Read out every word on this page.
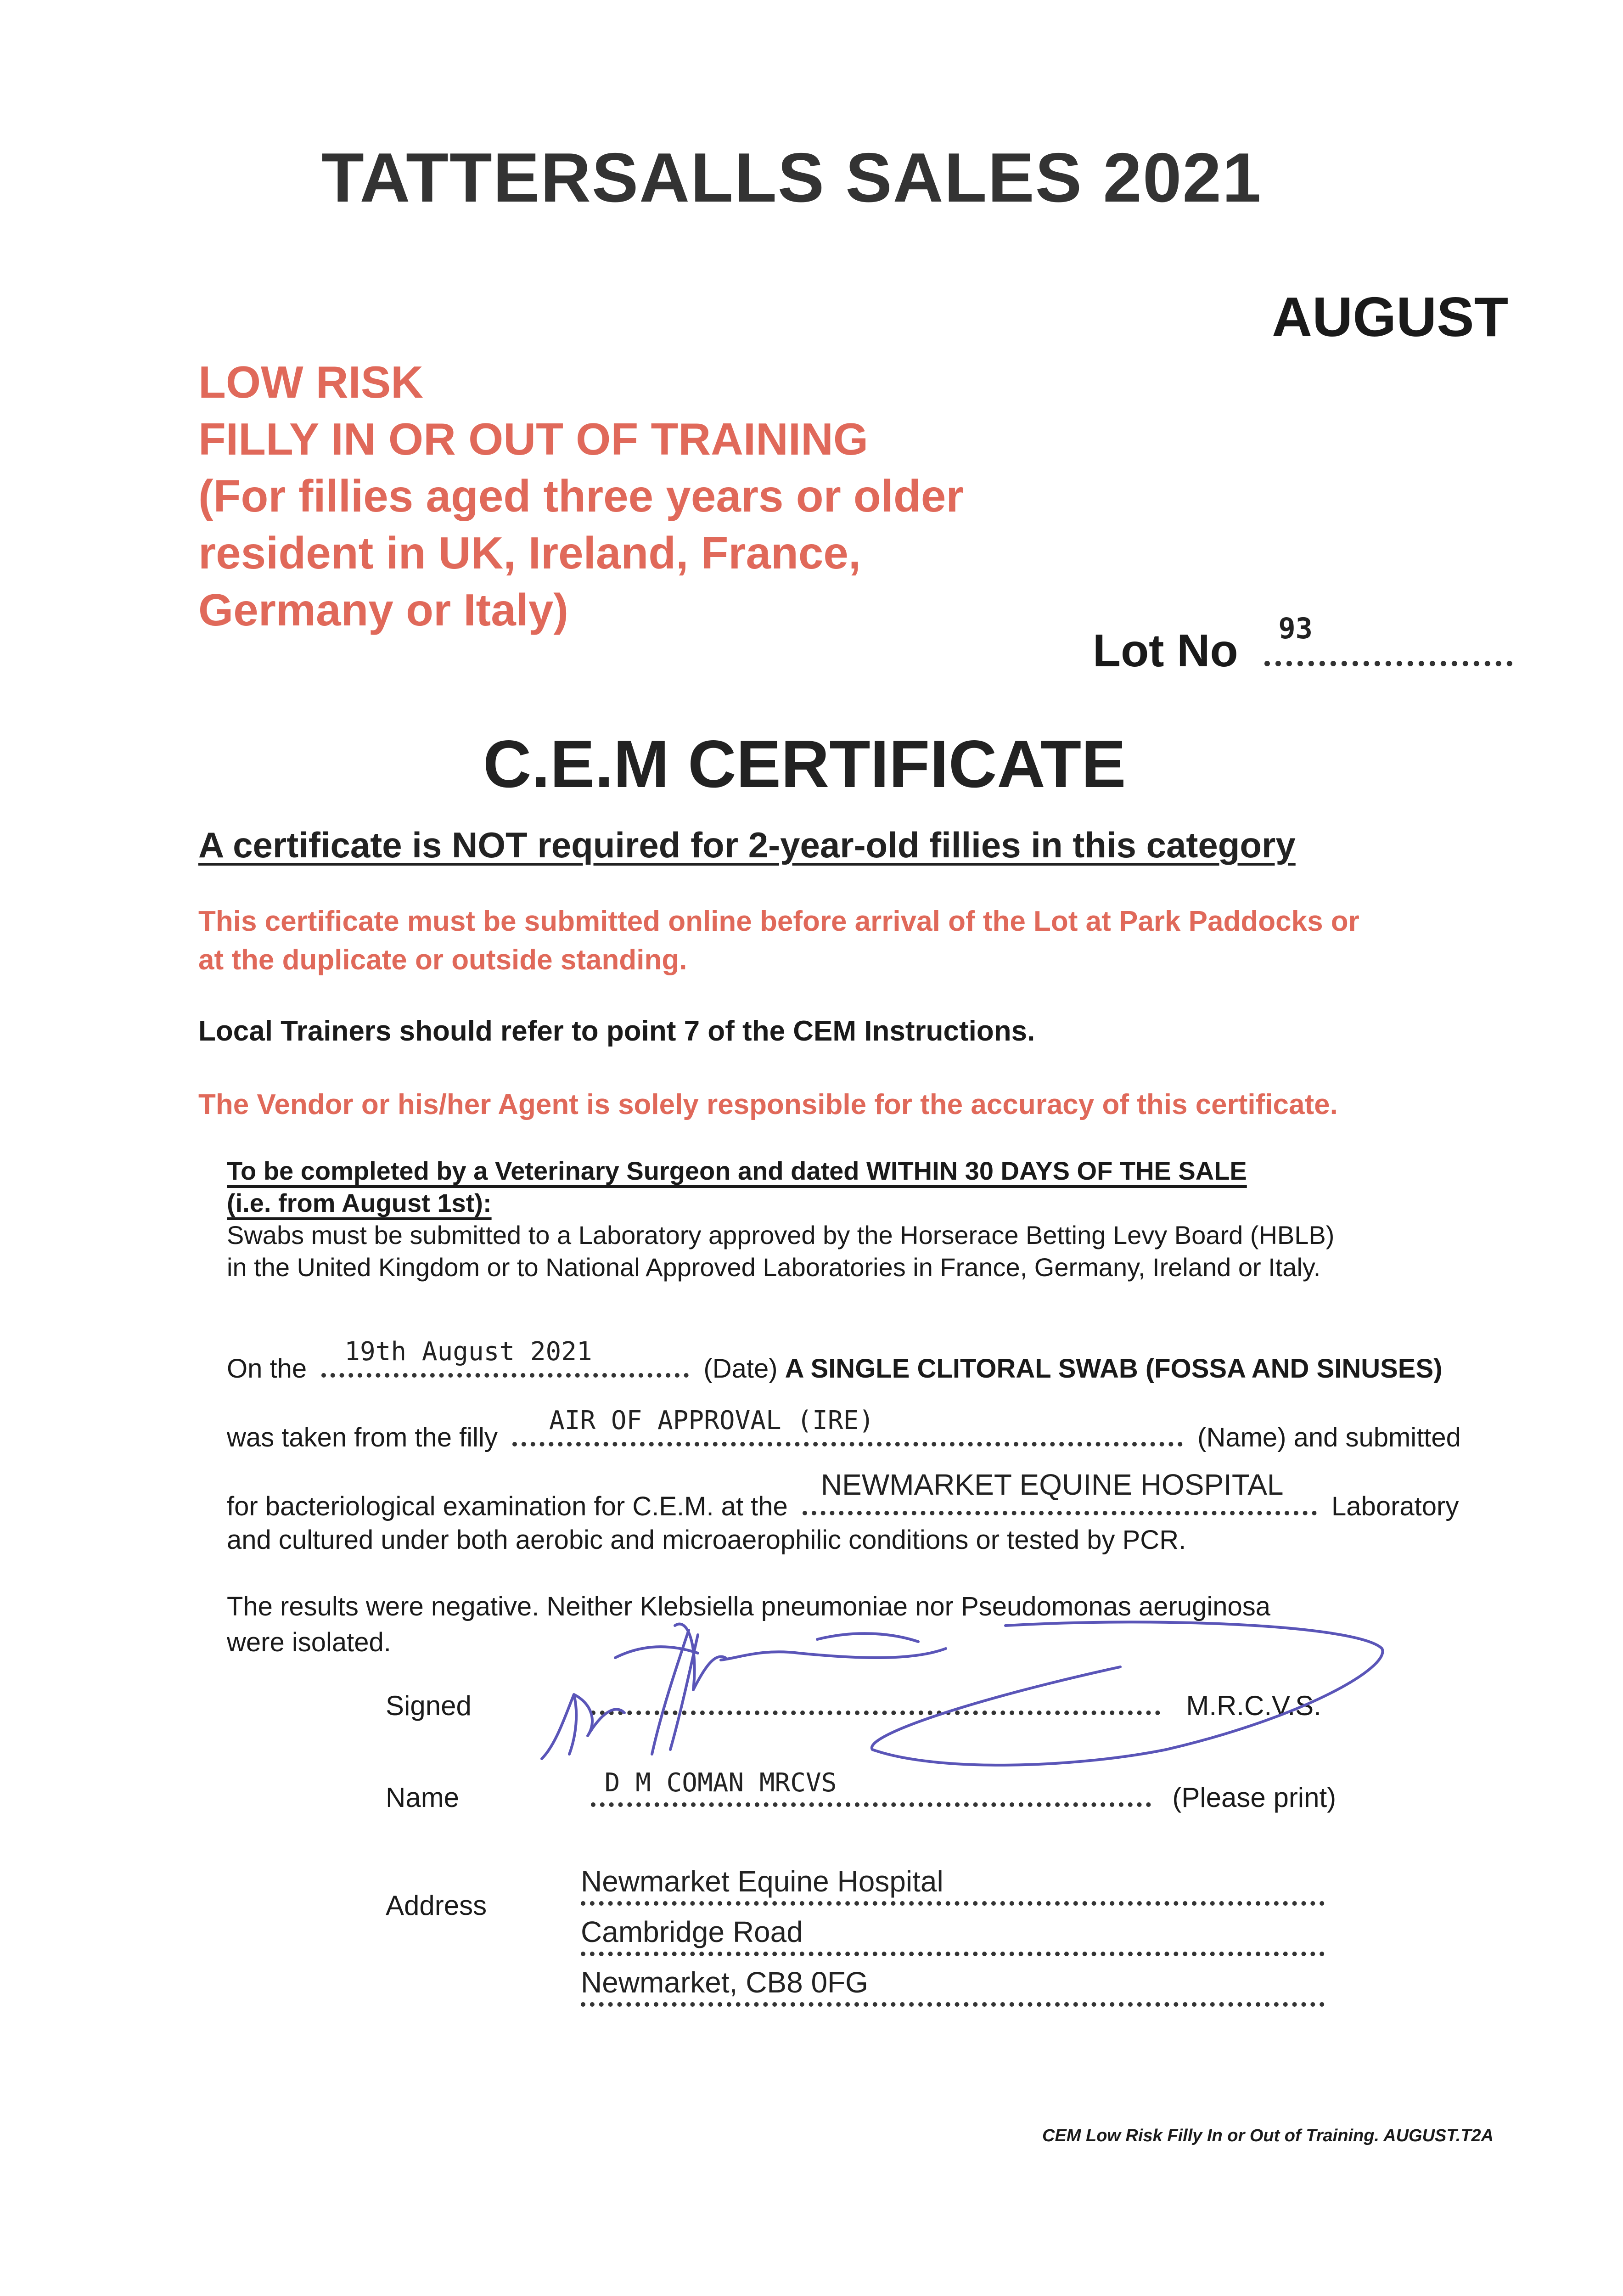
TATTERSALLS SALES 2021
AUGUST
LOW RISK
FILLY IN OR OUT OF TRAINING
(For fillies aged three years or older
resident in UK, Ireland, France,
Germany or Italy)
Lot No 93
C.E.M CERTIFICATE
A certificate is NOT required for 2-year-old fillies in this category
This certificate must be submitted online before arrival of the Lot at Park Paddocks or
at the duplicate or outside standing.
Local Trainers should refer to point 7 of the CEM Instructions.
The Vendor or his/her Agent is solely responsible for the accuracy of this certificate.
To be completed by a Veterinary Surgeon and dated WITHIN 30 DAYS OF THE SALE
(i.e. from August 1st):
Swabs must be submitted to a Laboratory approved by the Horserace Betting Levy Board (HBLB)
in the United Kingdom or to National Approved Laboratories in France, Germany, Ireland or Italy.
On the
19th August 2021
(Date) A SINGLE CLITORAL SWAB (FOSSA AND SINUSES)
was taken from the filly
AIR OF APPROVAL (IRE)
(Name) and submitted
for bacteriological examination for C.E.M. at the
NEWMARKET EQUINE HOSPITAL
Laboratory
and cultured under both aerobic and microaerophilic conditions or tested by PCR.
The results were negative. Neither Klebsiella pneumoniae nor Pseudomonas aeruginosa
were isolated.
Signed	M.R.C.V.S.
Name	D M COMAN MRCVS	(Please print)
Address
Newmarket Equine Hospital
Cambridge Road
Newmarket, CB8 0FG
CEM Low Risk Filly In or Out of Training. AUGUST.T2A
